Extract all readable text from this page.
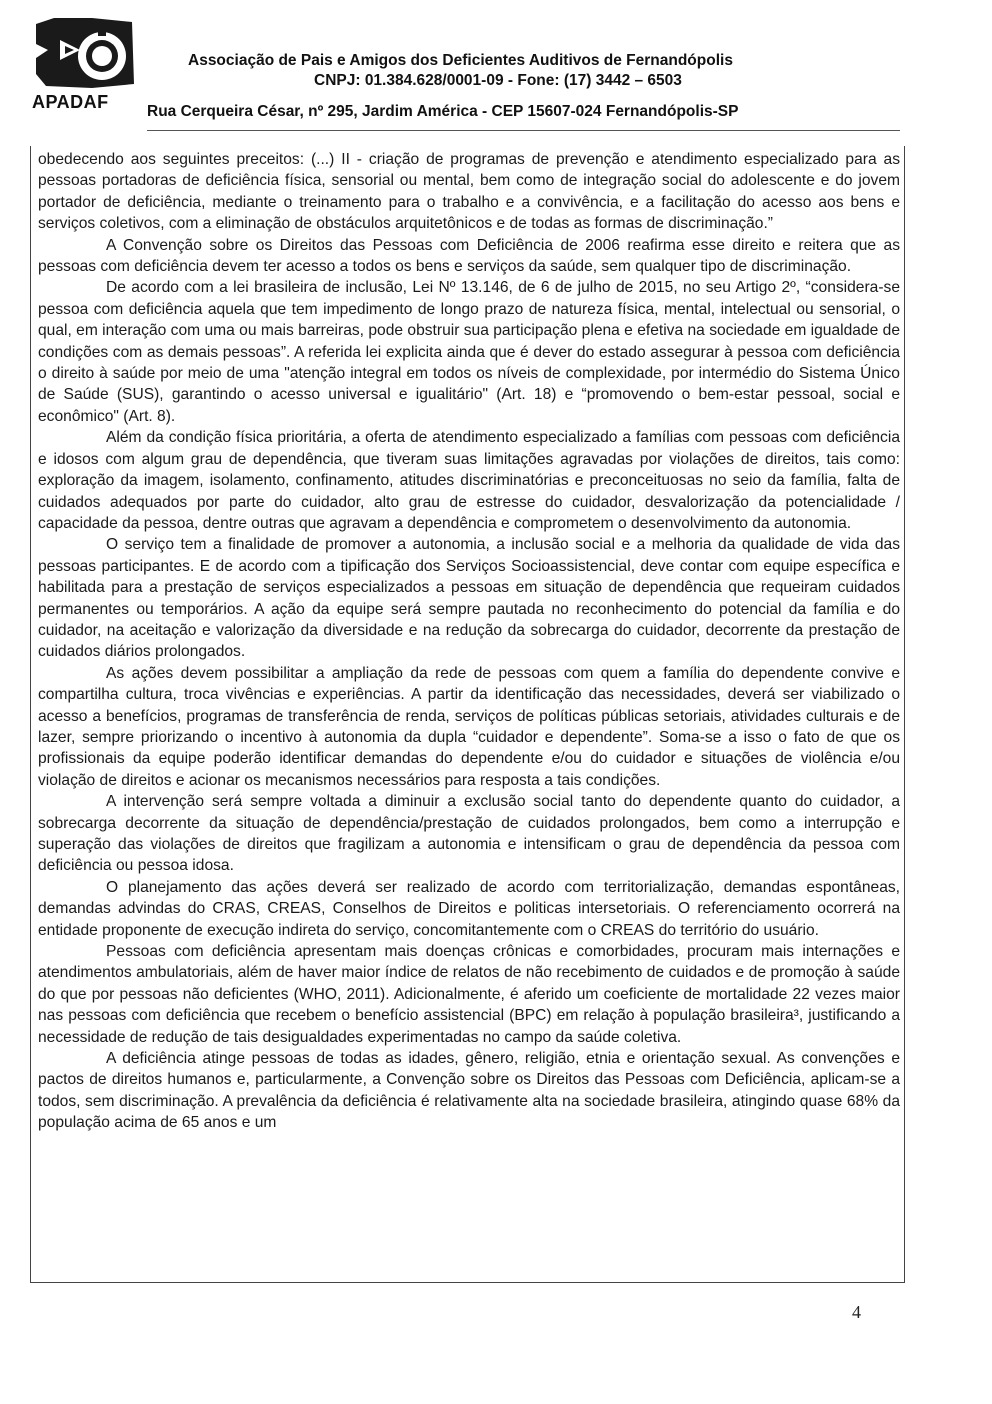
APADAF
Associação de Pais e Amigos dos Deficientes Auditivos de Fernandópolis
CNPJ: 01.384.628/0001-09 - Fone: (17) 3442 – 6503
Rua Cerqueira César, nº 295, Jardim América - CEP 15607-024 Fernandópolis-SP

obedecendo aos seguintes preceitos: (...) II - criação de programas de prevenção e atendimento especializado para as pessoas portadoras de deficiência física, sensorial ou mental, bem como de integração social do adolescente e do jovem portador de deficiência, mediante o treinamento para o trabalho e a convivência, e a facilitação do acesso aos bens e serviços coletivos, com a eliminação de obstáculos arquitetônicos e de todas as formas de discriminação.”

A Convenção sobre os Direitos das Pessoas com Deficiência de 2006 reafirma esse direito e reitera que as pessoas com deficiência devem ter acesso a todos os bens e serviços da saúde, sem qualquer tipo de discriminação.

De acordo com a lei brasileira de inclusão, Lei Nº 13.146, de 6 de julho de 2015, no seu Artigo 2º, “considera-se pessoa com deficiência aquela que tem impedimento de longo prazo de natureza física, mental, intelectual ou sensorial, o qual, em interação com uma ou mais barreiras, pode obstruir sua participação plena e efetiva na sociedade em igualdade de condições com as demais pessoas”. A referida lei explicita ainda que é dever do estado assegurar à pessoa com deficiência o direito à saúde por meio de uma "atenção integral em todos os níveis de complexidade, por intermédio do Sistema Único de Saúde (SUS), garantindo o acesso universal e igualitário" (Art. 18) e “promovendo o bem-estar pessoal, social e econômico" (Art. 8).

Além da condição física prioritária, a oferta de atendimento especializado a famílias com pessoas com deficiência e idosos com algum grau de dependência, que tiveram suas limitações agravadas por violações de direitos, tais como: exploração da imagem, isolamento, confinamento, atitudes discriminatórias e preconceituosas no seio da família, falta de cuidados adequados por parte do cuidador, alto grau de estresse do cuidador, desvalorização da potencialidade / capacidade da pessoa, dentre outras que agravam a dependência e comprometem o desenvolvimento da autonomia.

O serviço tem a finalidade de promover a autonomia, a inclusão social e a melhoria da qualidade de vida das pessoas participantes. E de acordo com a tipificação dos Serviços Socioassistencial, deve contar com equipe específica e habilitada para a prestação de serviços especializados a pessoas em situação de dependência que requeiram cuidados permanentes ou temporários. A ação da equipe será sempre pautada no reconhecimento do potencial da família e do cuidador, na aceitação e valorização da diversidade e na redução da sobrecarga do cuidador, decorrente da prestação de cuidados diários prolongados.

As ações devem possibilitar a ampliação da rede de pessoas com quem a família do dependente convive e compartilha cultura, troca vivências e experiências. A partir da identificação das necessidades, deverá ser viabilizado o acesso a benefícios, programas de transferência de renda, serviços de políticas públicas setoriais, atividades culturais e de lazer, sempre priorizando o incentivo à autonomia da dupla “cuidador e dependente”. Soma-se a isso o fato de que os profissionais da equipe poderão identificar demandas do dependente e/ou do cuidador e situações de violência e/ou violação de direitos e acionar os mecanismos necessários para resposta a tais condições.

A intervenção será sempre voltada a diminuir a exclusão social tanto do dependente quanto do cuidador, a sobrecarga decorrente da situação de dependência/prestação de cuidados prolongados, bem como a interrupção e superação das violações de direitos que fragilizam a autonomia e intensificam o grau de dependência da pessoa com deficiência ou pessoa idosa.

O planejamento das ações deverá ser realizado de acordo com territorialização, demandas espontâneas, demandas advindas do CRAS, CREAS, Conselhos de Direitos e politicas intersetoriais. O referenciamento ocorrerá na entidade proponente de execução indireta do serviço, concomitantemente com o CREAS do território do usuário.

Pessoas com deficiência apresentam mais doenças crônicas e comorbidades, procuram mais internações e atendimentos ambulatoriais, além de haver maior índice de relatos de não recebimento de cuidados e de promoção à saúde do que por pessoas não deficientes (WHO, 2011). Adicionalmente, é aferido um coeficiente de mortalidade 22 vezes maior nas pessoas com deficiência que recebem o benefício assistencial (BPC) em relação à população brasileira³, justificando a necessidade de redução de tais desigualdades experimentadas no campo da saúde coletiva.

A deficiência atinge pessoas de todas as idades, gênero, religião, etnia e orientação sexual. As convenções e pactos de direitos humanos e, particularmente, a Convenção sobre os Direitos das Pessoas com Deficiência, aplicam-se a todos, sem discriminação. A prevalência da deficiência é relativamente alta na sociedade brasileira, atingindo quase 68% da população acima de 65 anos e um

4
